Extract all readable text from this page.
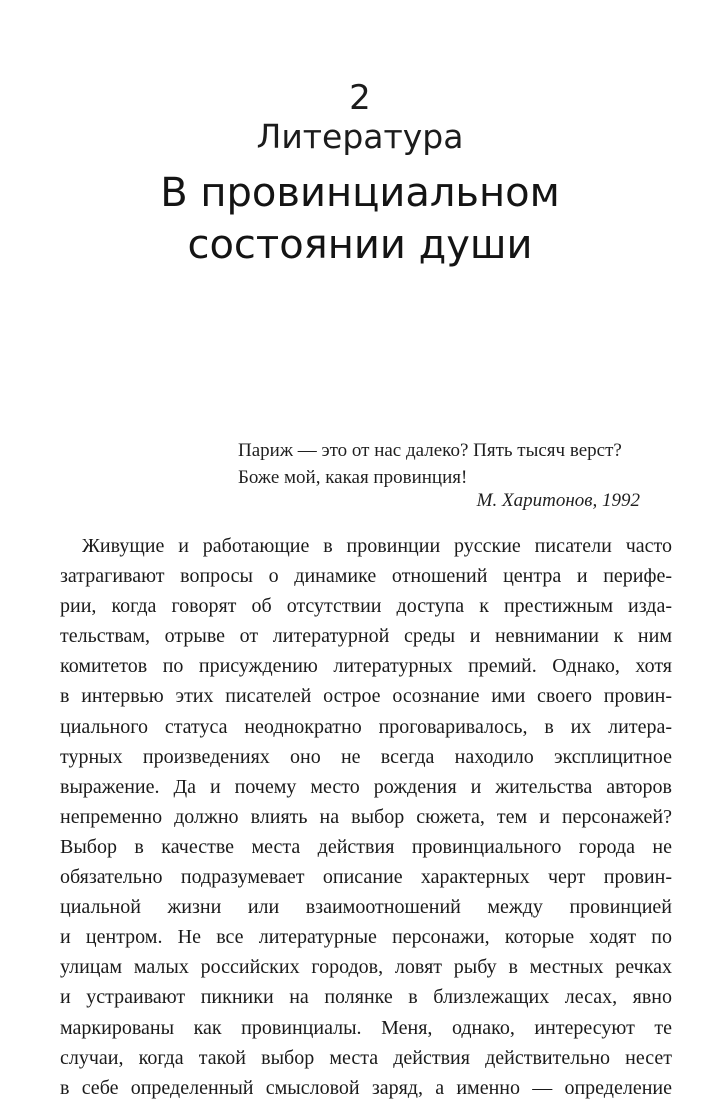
2
Литература
В провинциальном
состоянии души
Париж — это от нас далеко? Пять тысяч верст?
Боже мой, какая провинция!
М. Харитонов, 1992
Живущие и работающие в провинции русские писатели часто
затрагивают вопросы о динамике отношений центра и перифе-
рии, когда говорят об отсутствии доступа к престижным изда-
тельствам, отрыве от литературной среды и невнимании к ним
комитетов по присуждению литературных премий. Однако, хотя
в интервью этих писателей острое осознание ими своего провин-
циального статуса неоднократно проговаривалось, в их литера-
турных произведениях оно не всегда находило эксплицитное
выражение. Да и почему место рождения и жительства авторов
непременно должно влиять на выбор сюжета, тем и персонажей?
Выбор в качестве места действия провинциального города не
обязательно подразумевает описание характерных черт провин-
циальной жизни или взаимоотношений между провинцией
и центром. Не все литературные персонажи, которые ходят по
улицам малых российских городов, ловят рыбу в местных речках
и устраивают пикники на полянке в близлежащих лесах, явно
маркированы как провинциалы. Меня, однако, интересуют те
случаи, когда такой выбор места действия действительно несет
в себе определенный смысловой заряд, а именно — определение
